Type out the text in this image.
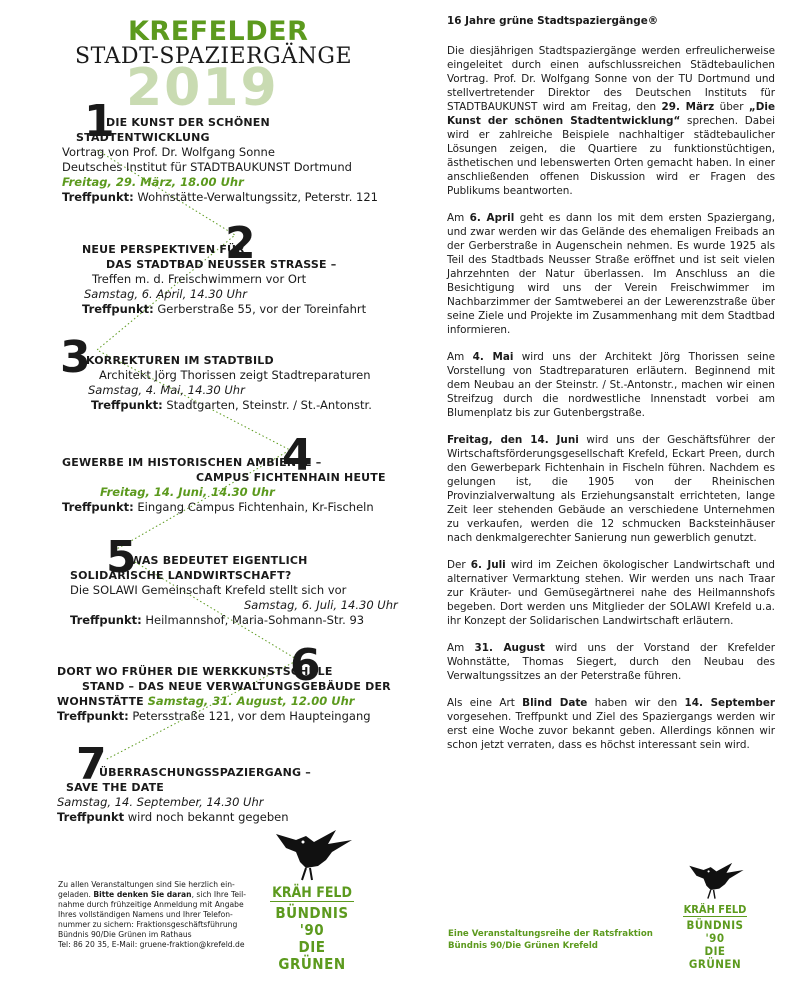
KREFELDER
STADT-SPAZIERGÄNGE
2019
1
DIE KUNST DER SCHÖNEN
STADTENTWICKLUNG
Vortrag von Prof. Dr. Wolfgang Sonne
Deutsches Institut für STADTBAUKUNST Dortmund
Freitag, 29. März, 18.00 Uhr
Treffpunkt: Wohnstätte-Verwaltungssitz, Peterstr. 121
2
NEUE PERSPEKTIVEN FÜR
DAS STADTBAD NEUSSER STRASSE –
Treffen m. d. Freischwimmern vor Ort
Samstag, 6. April, 14.30 Uhr
Treffpunkt: Gerberstraße 55, vor der Toreinfahrt
3
KORREKTUREN IM STADTBILD
Architekt Jörg Thorissen zeigt Stadtreparaturen
Samstag, 4. Mai, 14.30 Uhr
Treffpunkt: Stadtgarten, Steinstr. / St.-Antonstr.
4
GEWERBE IM HISTORISCHEN AMBIENTE –
CAMPUS FICHTENHAIN HEUTE
Freitag, 14. Juni, 14.30 Uhr
Treffpunkt: Eingang Campus Fichtenhain, Kr-Fischeln
5
WAS BEDEUTET EIGENTLICH
SOLIDARISCHE LANDWIRTSCHAFT?
Die SOLAWI Gemeinschaft Krefeld stellt sich vor
Samstag, 6. Juli, 14.30 Uhr
Treffpunkt: Heilmannshof, Maria-Sohmann-Str. 93
6
DORT WO FRÜHER DIE WERKKUNSTSCHULE
STAND – DAS NEUE VERWALTUNGSGEBÄUDE DER
WOHNSTÄTTE Samstag, 31. August, 12.00 Uhr
Treffpunkt: Petersstraße 121, vor dem Haupteingang
7
ÜBERRASCHUNGSSPAZIERGANG –
SAVE THE DATE
Samstag, 14. September, 14.30 Uhr
Treffpunkt wird noch bekannt gegeben
Zu allen Veranstaltungen sind Sie herzlich ein-
geladen. Bitte denken Sie daran, sich Ihre Teil-
nahme durch frühzeitige Anmeldung mit Angabe
Ihres vollständigen Namens und Ihrer Telefon-
nummer zu sichern: Fraktionsgeschäftsführung
Bündnis 90/Die Grünen im Rathaus
Tel: 86 20 35, E-Mail: gruene-fraktion@krefeld.de
KRÄH FELD
BÜNDNIS '90
DIE GRÜNEN

16 Jahre grüne Stadtspaziergänge®

Die diesjährigen Stadtspaziergänge werden erfreulicherweise eingeleitet durch einen aufschlussreichen Städtebaulichen Vortrag. Prof. Dr. Wolfgang Sonne von der TU Dortmund und stellvertretender Direktor des Deutschen Instituts für STADTBAUKUNST wird am Freitag, den 29. März über „Die Kunst der schönen Stadtentwicklung“ sprechen. Dabei wird er zahlreiche Beispiele nachhaltiger städtebaulicher Lösungen zeigen, die Quartiere zu funktionstüchtigen, ästhetischen und lebenswerten Orten gemacht haben. In einer anschließenden offenen Diskussion wird er Fragen des Publikums beantworten.

Am 6. April geht es dann los mit dem ersten Spaziergang, und zwar werden wir das Gelände des ehemaligen Freibads an der Gerberstraße in Augenschein nehmen. Es wurde 1925 als Teil des Stadtbads Neusser Straße eröffnet und ist seit vielen Jahrzehnten der Natur überlassen. Im Anschluss an die Besichtigung wird uns der Verein Freischwimmer im Nachbarzimmer der Samtweberei an der Lewerenzstraße über seine Ziele und Projekte im Zusammenhang mit dem Stadtbad informieren.

Am 4. Mai wird uns der Architekt Jörg Thorissen seine Vorstellung von Stadtreparaturen erläutern. Beginnend mit dem Neubau an der Steinstr. / St.-Antonstr., machen wir einen Streifzug durch die nordwestliche Innenstadt vorbei am Blumenplatz bis zur Gutenbergstraße.

Freitag, den 14. Juni wird uns der Geschäftsführer der Wirtschaftsförderungsgesellschaft Krefeld, Eckart Preen, durch den Gewerbepark Fichtenhain in Fischeln führen. Nachdem es gelungen ist, die 1905 von der Rheinischen Provinzialverwaltung als Erziehungsanstalt errichteten, lange Zeit leer stehenden Gebäude an verschiedene Unternehmen zu verkaufen, werden die 12 schmucken Backsteinhäuser nach denkmalgerechter Sanierung nun gewerblich genutzt.

Der 6. Juli wird im Zeichen ökologischer Landwirtschaft und alternativer Vermarktung stehen. Wir werden uns nach Traar zur Kräuter- und Gemüsegärtnerei nahe des Heilmannshofs begeben. Dort werden uns Mitglieder der SOLAWI Krefeld u.a. ihr Konzept der Solidarischen Landwirtschaft erläutern.

Am 31. August wird uns der Vorstand der Krefelder Wohnstätte, Thomas Siegert, durch den Neubau des Verwaltungssitzes an der Peterstraße führen.

Als eine Art Blind Date haben wir den 14. September vorgesehen. Treffpunkt und Ziel des Spaziergangs werden wir erst eine Woche zuvor bekannt geben. Allerdings können wir schon jetzt verraten, dass es höchst interessant sein wird.

Eine Veranstaltungsreihe der Ratsfraktion
Bündnis 90/Die Grünen Krefeld
KRÄH FELD
BÜNDNIS '90
DIE GRÜNEN
